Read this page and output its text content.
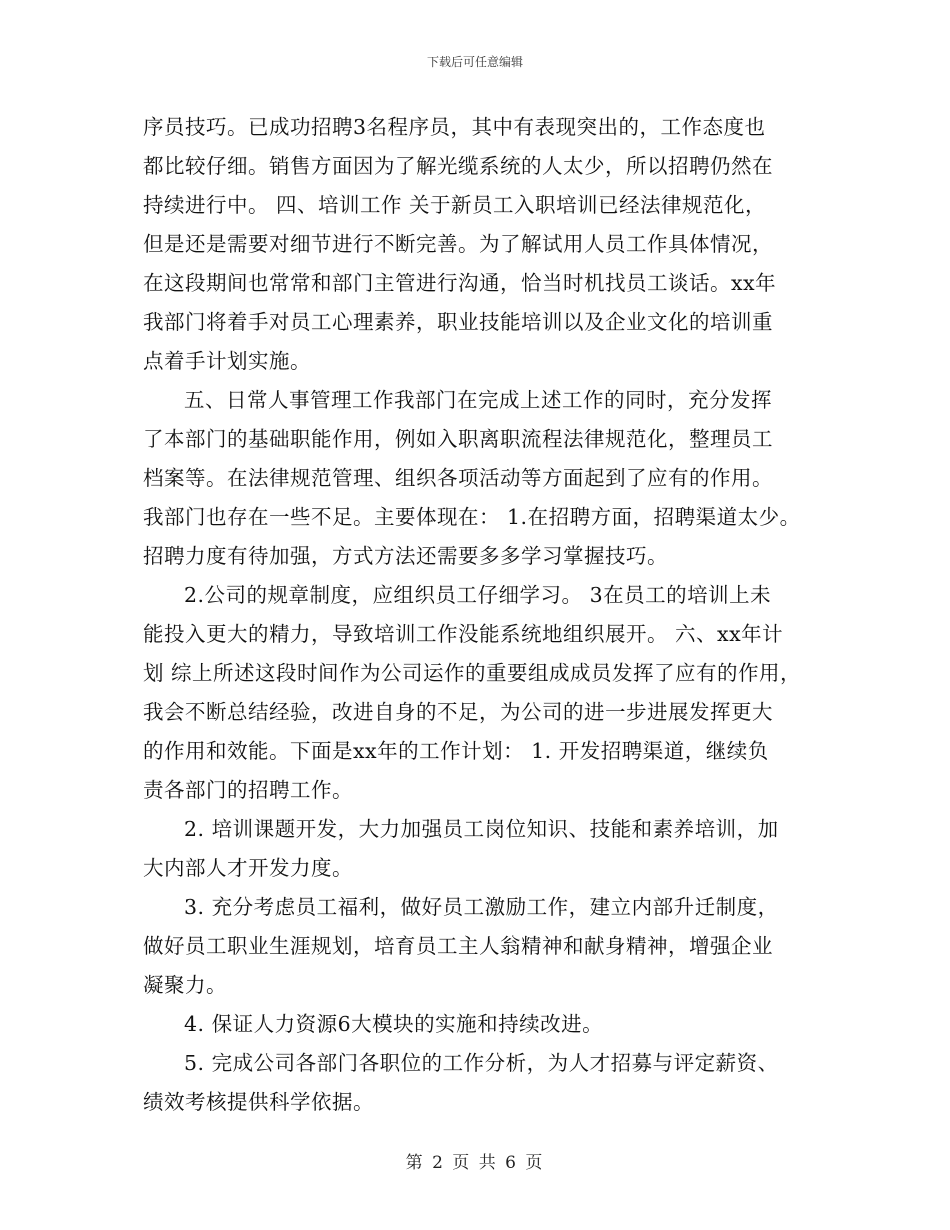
下载后可任意编辑
序员技巧。已成功招聘3名程序员，其中有表现突出的，工作态度也
都比较仔细。销售方面因为了解光缆系统的人太少，所以招聘仍然在
持续进行中。 四、培训工作 关于新员工入职培训已经法律规范化，
但是还是需要对细节进行不断完善。为了解试用人员工作具体情况，
在这段期间也常常和部门主管进行沟通，恰当时机找员工谈话。xx年
我部门将着手对员工心理素养，职业技能培训以及企业文化的培训重
点着手计划实施。
五、日常人事管理工作我部门在完成上述工作的同时，充分发挥
了本部门的基础职能作用，例如入职离职流程法律规范化，整理员工
档案等。在法律规范管理、组织各项活动等方面起到了应有的作用。
我部门也存在一些不足。主要体现在： 1.在招聘方面，招聘渠道太少。
招聘力度有待加强，方式方法还需要多多学习掌握技巧。
2.公司的规章制度，应组织员工仔细学习。 3在员工的培训上未
能投入更大的精力，导致培训工作没能系统地组织展开。 六、xx年计
划 综上所述这段时间作为公司运作的重要组成成员发挥了应有的作用，
我会不断总结经验，改进自身的不足，为公司的进一步进展发挥更大
的作用和效能。下面是xx年的工作计划： 1. 开发招聘渠道，继续负
责各部门的招聘工作。
2. 培训课题开发，大力加强员工岗位知识、技能和素养培训，加
大内部人才开发力度。
3. 充分考虑员工福利，做好员工激励工作，建立内部升迁制度，
做好员工职业生涯规划，培育员工主人翁精神和献身精神，增强企业
凝聚力。
4. 保证人力资源6大模块的实施和持续改进。
5. 完成公司各部门各职位的工作分析，为人才招募与评定薪资、
绩效考核提供科学依据。
第 2 页 共 6 页
